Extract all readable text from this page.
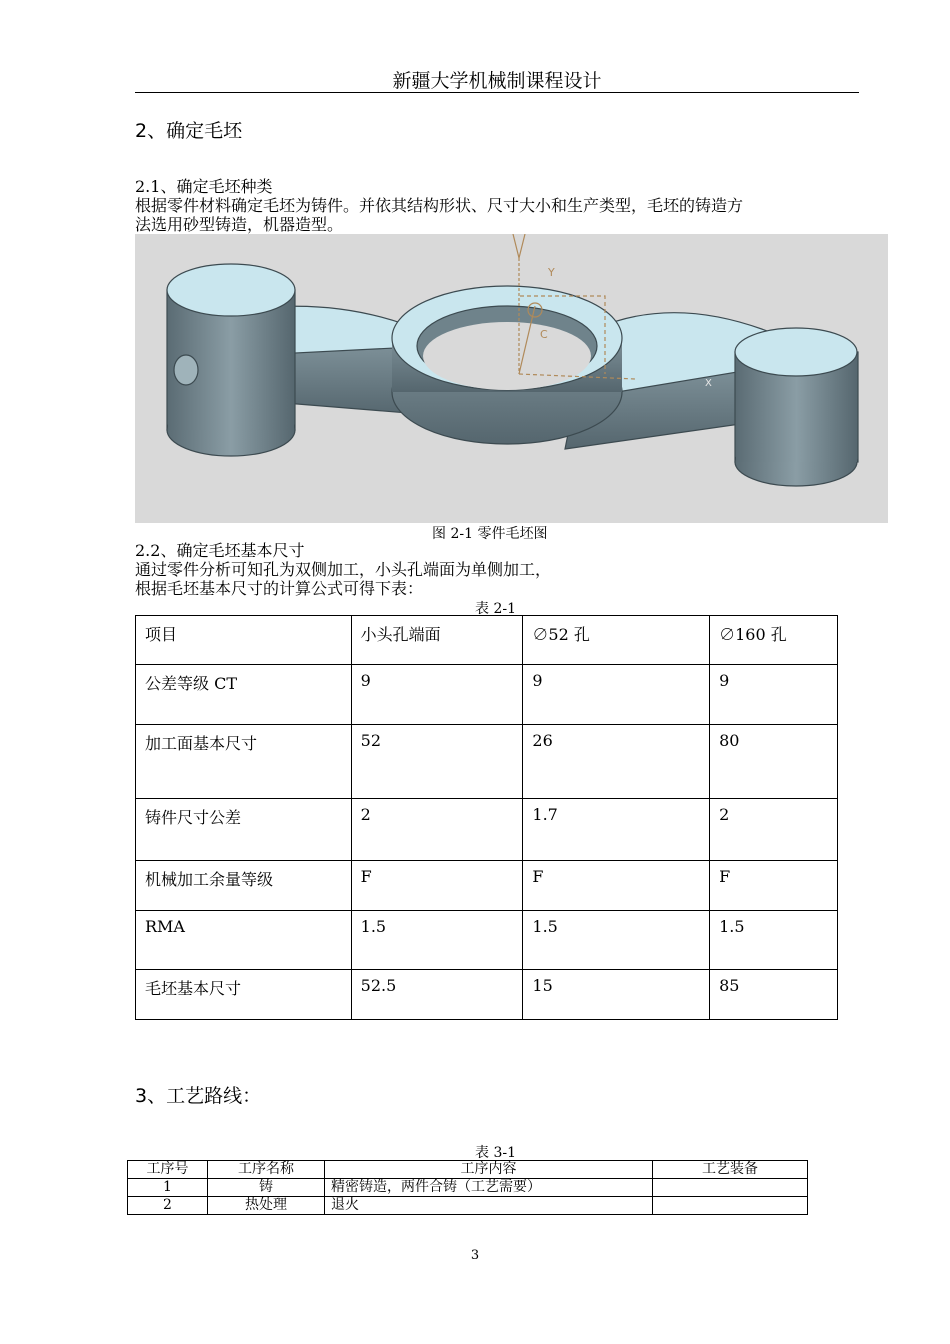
新疆大学机械制课程设计
2、确定毛坯
2.1、确定毛坯种类
根据零件材料确定毛坯为铸件。并依其结构形状、尺寸大小和生产类型，毛坯的铸造方
法选用砂型铸造，机器造型。
Y
C
X
图 2-1 零件毛坯图
2.2、确定毛坯基本尺寸
通过零件分析可知孔为双侧加工，小头孔端面为单侧加工，
根据毛坯基本尺寸的计算公式可得下表：
表 2-1
项目	小头孔端面	∅52 孔	∅160 孔
公差等级 CT	9	9	9
加工面基本尺寸	52	26	80
铸件尺寸公差	2	1.7	2
机械加工余量等级	F	F	F
RMA	1.5	1.5	1.5
毛坯基本尺寸	52.5	15	85
3、工艺路线：
表 3-1
工序号	工序名称	工序内容	工艺装备
1	铸	精密铸造，两件合铸（工艺需要）	
2	热处理	退火	
3
